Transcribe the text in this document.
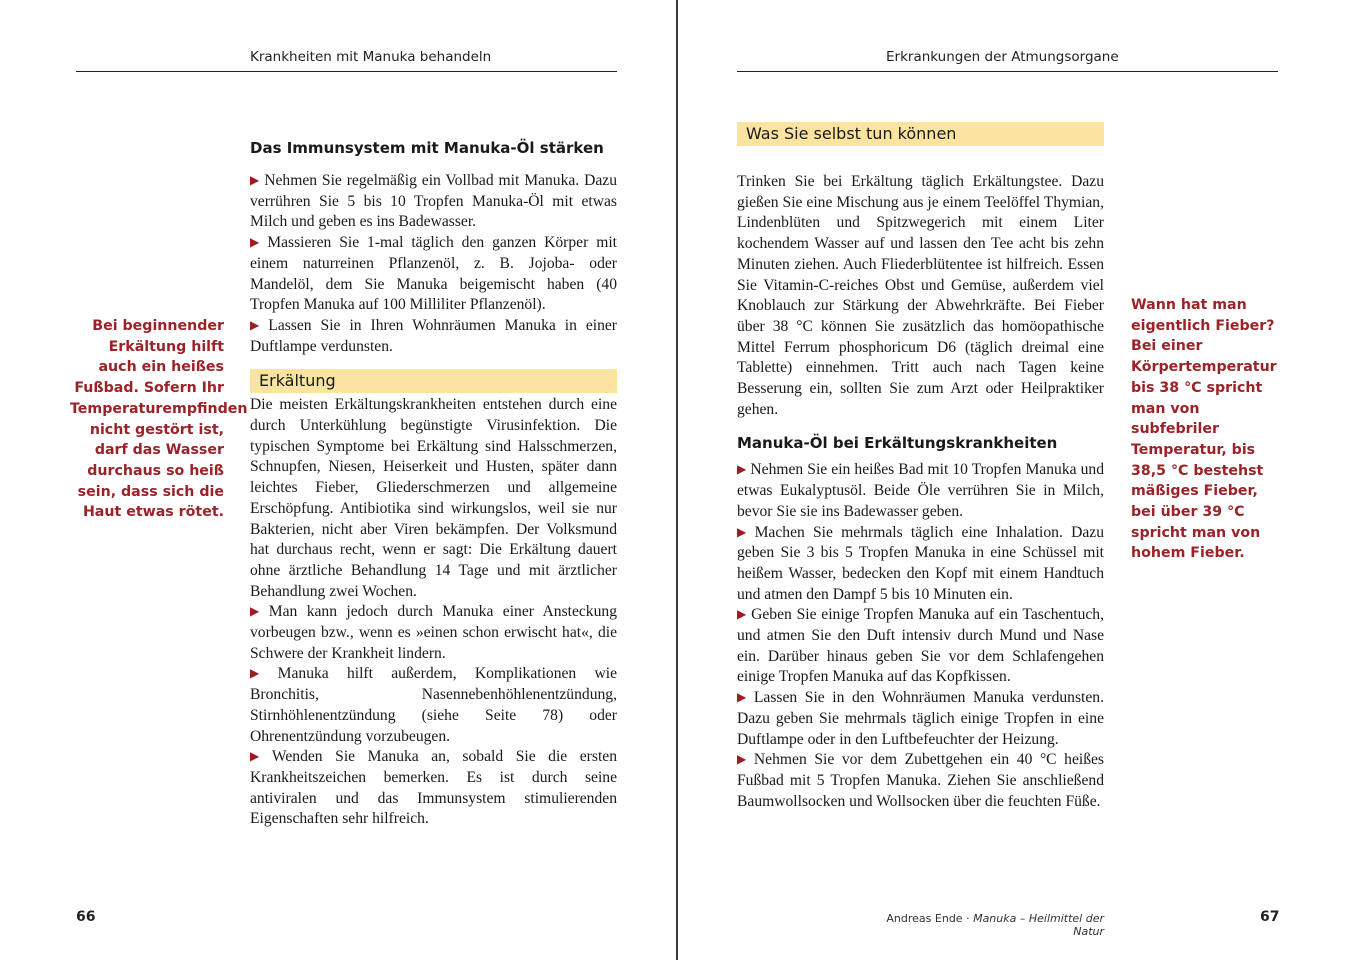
Krankheiten mit Manuka behandeln
Das Immunsystem mit Manuka-Öl stärken

▶ Nehmen Sie regelmäßig ein Vollbad mit Manuka. Dazu verrühren Sie 5 bis 10 Tropfen Manuka-Öl mit etwas Milch und geben es ins Badewasser.

▶ Massieren Sie 1-mal täglich den ganzen Körper mit einem naturreinen Pflanzenöl, z. B. Jojoba- oder Mandelöl, dem Sie Manuka beigemischt haben (40 Tropfen Manuka auf 100 Milliliter Pflanzenöl).

▶ Lassen Sie in Ihren Wohnräumen Manuka in einer Duftlampe verdunsten.

Erkältung

Die meisten Erkältungskrankheiten entstehen durch eine durch Unterkühlung begünstigte Virusinfektion. Die typischen Symptome bei Erkältung sind Halsschmerzen, Schnupfen, Niesen, Heiserkeit und Husten, später dann leichtes Fieber, Gliederschmerzen und allgemeine Erschöpfung. Antibiotika sind wirkungslos, weil sie nur Bakterien, nicht aber Viren bekämpfen. Der Volksmund hat durchaus recht, wenn er sagt: Die Erkältung dauert ohne ärztliche Behandlung 14 Tage und mit ärztlicher Behandlung zwei Wochen.

▶ Man kann jedoch durch Manuka einer Ansteckung vorbeugen bzw., wenn es »einen schon erwischt hat«, die Schwere der Krankheit lindern.

▶ Manuka hilft außerdem, Komplikationen wie Bronchitis, Nasennebenhöhlenentzündung, Stirnhöhlenentzündung (siehe Seite 78) oder Ohrenentzündung vorzubeugen.

▶ Wenden Sie Manuka an, sobald Sie die ersten Krankheitszeichen bemerken. Es ist durch seine antiviralen und das Immunsystem stimulierenden Eigenschaften sehr hilfreich.

Bei beginnender Erkältung hilft auch ein heißes Fußbad. Sofern Ihr Temperaturempfinden nicht gestört ist, darf das Wasser durchaus so heiß sein, dass sich die Haut etwas rötet.
66
Erkrankungen der Atmungsorgane
Was Sie selbst tun können

Trinken Sie bei Erkältung täglich Erkältungstee. Dazu gießen Sie eine Mischung aus je einem Teelöffel Thymian, Lindenblüten und Spitzwegerich mit einem Liter kochendem Wasser auf und lassen den Tee acht bis zehn Minuten ziehen. Auch Fliederblütentee ist hilfreich. Essen Sie Vitamin-C-reiches Obst und Gemüse, außerdem viel Knoblauch zur Stärkung der Abwehrkräfte. Bei Fieber über 38 °C können Sie zusätzlich das homöopathische Mittel Ferrum phosphoricum D6 (täglich dreimal eine Tablette) einnehmen. Tritt auch nach Tagen keine Besserung ein, sollten Sie zum Arzt oder Heilpraktiker gehen.

Manuka-Öl bei Erkältungskrankheiten

▶ Nehmen Sie ein heißes Bad mit 10 Tropfen Manuka und etwas Eukalyptusöl. Beide Öle verrühren Sie in Milch, bevor Sie sie ins Badewasser geben.

▶ Machen Sie mehrmals täglich eine Inhalation. Dazu geben Sie 3 bis 5 Tropfen Manuka in eine Schüssel mit heißem Wasser, bedecken den Kopf mit einem Handtuch und atmen den Dampf 5 bis 10 Minuten ein.

▶ Geben Sie einige Tropfen Manuka auf ein Taschentuch, und atmen Sie den Duft intensiv durch Mund und Nase ein. Darüber hinaus geben Sie vor dem Schlafengehen einige Tropfen Manuka auf das Kopfkissen.

▶ Lassen Sie in den Wohnräumen Manuka verdunsten. Dazu geben Sie mehrmals täglich einige Tropfen in eine Duftlampe oder in den Luftbefeuchter der Heizung.

▶ Nehmen Sie vor dem Zubettgehen ein 40 °C heißes Fußbad mit 5 Tropfen Manuka. Ziehen Sie anschließend Baumwollsocken und Wollsocken über die feuchten Füße.

Wann hat man eigentlich Fieber? Bei einer Körpertemperatur bis 38 °C spricht man von subfebriler Temperatur, bis 38,5 °C bestehst mäßiges Fieber, bei über 39 °C spricht man von hohem Fieber.
Andreas Ende · Manuka – Heilmittel der Natur
67
